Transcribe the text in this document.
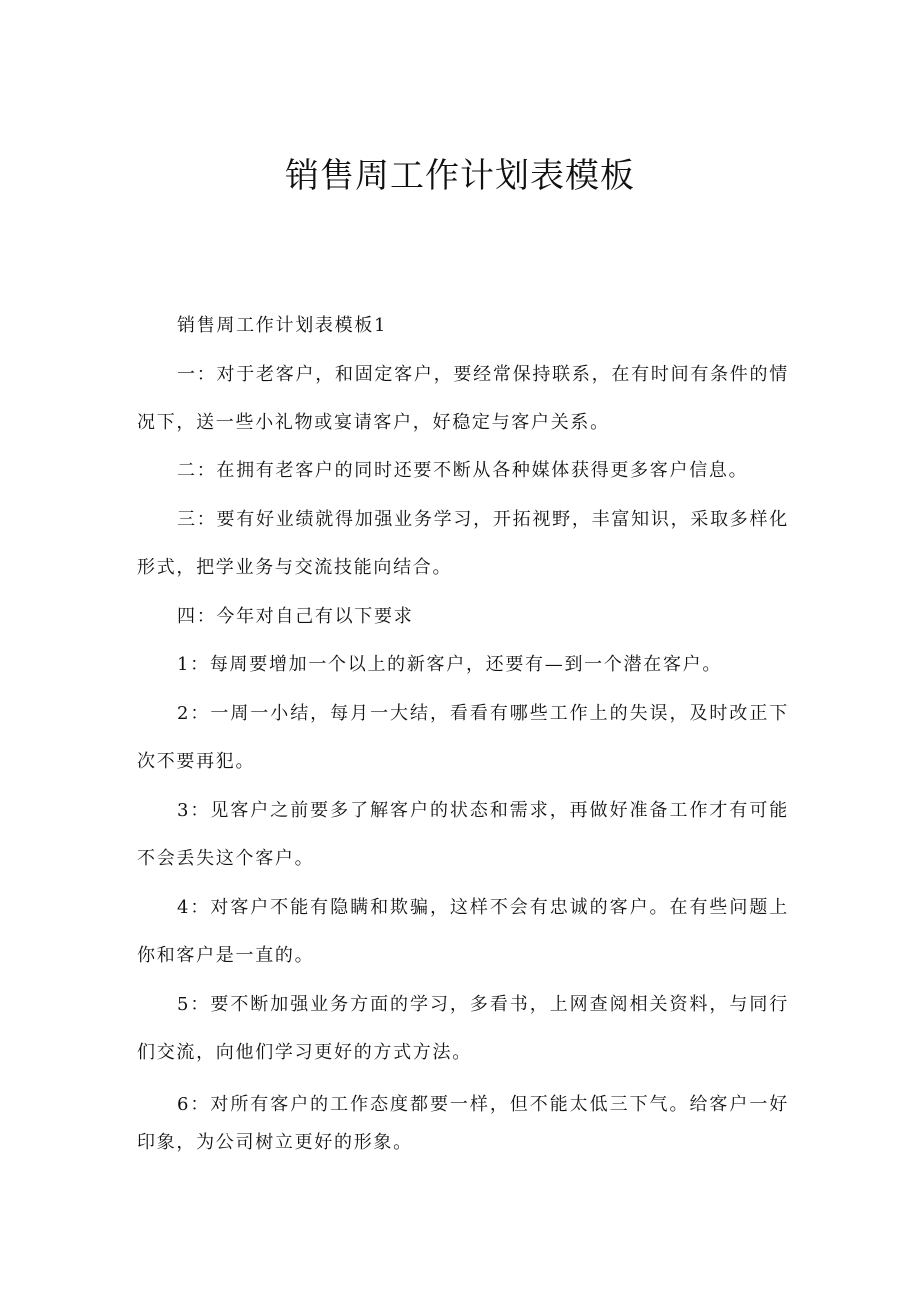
销售周工作计划表模板

销售周工作计划表模板1

一：对于老客户，和固定客户，要经常保持联系，在有时间有条件的情况下，送一些小礼物或宴请客户，好稳定与客户关系。

二：在拥有老客户的同时还要不断从各种媒体获得更多客户信息。

三：要有好业绩就得加强业务学习，开拓视野，丰富知识，采取多样化形式，把学业务与交流技能向结合。

四：今年对自己有以下要求

1：每周要增加一个以上的新客户，还要有—到一个潜在客户。

2：一周一小结，每月一大结，看看有哪些工作上的失误，及时改正下次不要再犯。

3：见客户之前要多了解客户的状态和需求，再做好准备工作才有可能不会丢失这个客户。

4：对客户不能有隐瞒和欺骗，这样不会有忠诚的客户。在有些问题上你和客户是一直的。

5：要不断加强业务方面的学习，多看书，上网查阅相关资料，与同行们交流，向他们学习更好的方式方法。

6：对所有客户的工作态度都要一样，但不能太低三下气。给客户一好印象，为公司树立更好的形象。
